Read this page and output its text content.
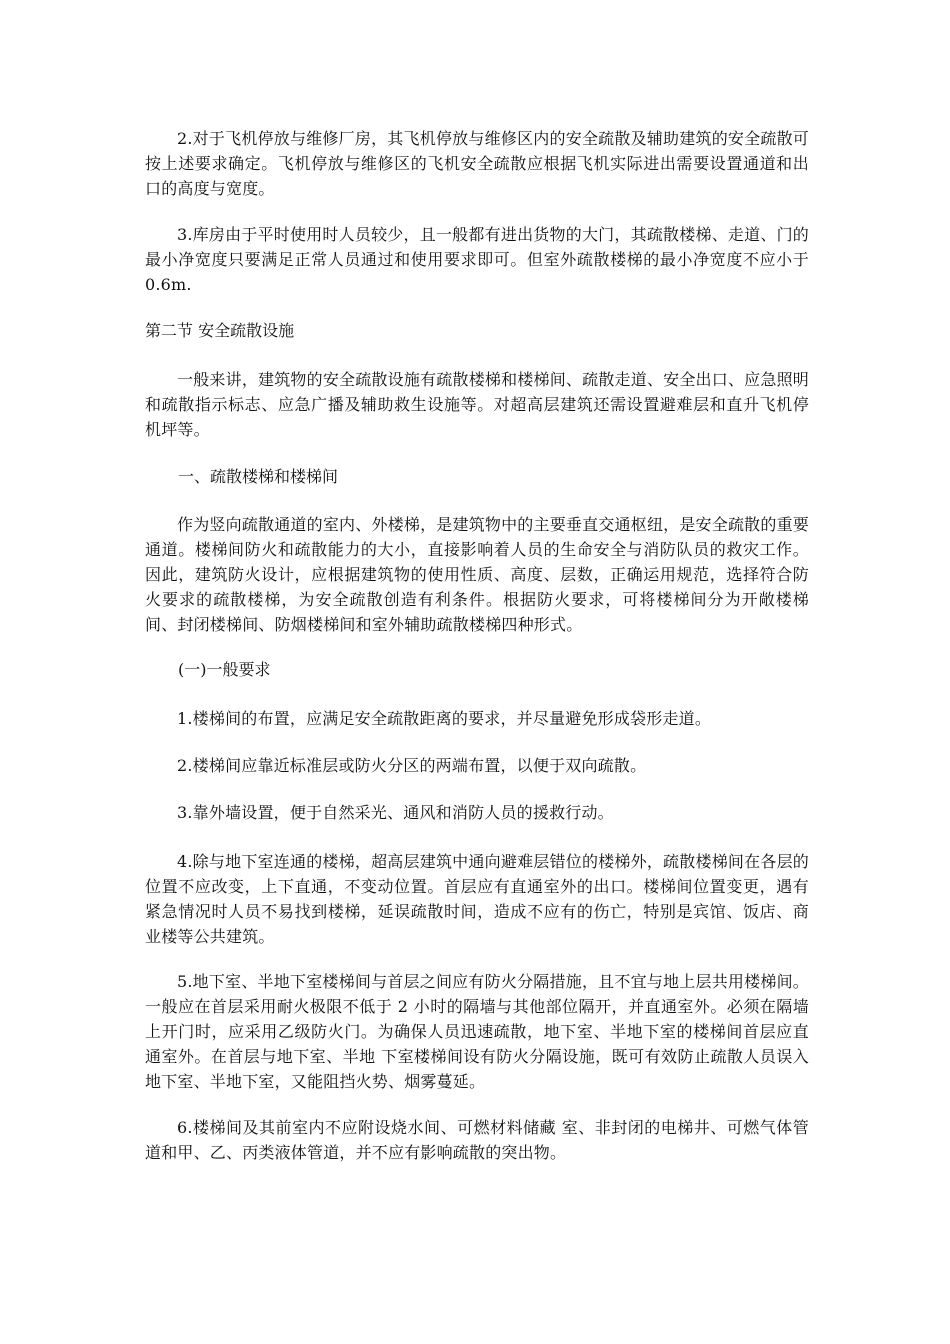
2.对于飞机停放与维修厂房，其飞机停放与维修区内的安全疏散及辅助建筑的安全疏散可按上述要求确定。飞机停放与维修区的飞机安全疏散应根据飞机实际进出需要设置通道和出口的高度与宽度。

3.库房由于平时使用时人员较少，且一般都有进出货物的大门，其疏散楼梯、走道、门的最小净宽度只要满足正常人员通过和使用要求即可。但室外疏散楼梯的最小净宽度不应小于 0.6m.

第二节 安全疏散设施

一般来讲，建筑物的安全疏散设施有疏散楼梯和楼梯间、疏散走道、安全出口、应急照明和疏散指示标志、应急广播及辅助救生设施等。对超高层建筑还需设置避难层和直升飞机停机坪等。

一、疏散楼梯和楼梯间

作为竖向疏散通道的室内、外楼梯，是建筑物中的主要垂直交通枢纽，是安全疏散的重要通道。楼梯间防火和疏散能力的大小，直接影响着人员的生命安全与消防队员的救灾工作。因此，建筑防火设计，应根据建筑物的使用性质、高度、层数，正确运用规范，选择符合防火要求的疏散楼梯，为安全疏散创造有利条件。根据防火要求，可将楼梯间分为开敞楼梯间、封闭楼梯间、防烟楼梯间和室外辅助疏散楼梯四种形式。

(一)一般要求

1.楼梯间的布置，应满足安全疏散距离的要求，并尽量避免形成袋形走道。

2.楼梯间应靠近标准层或防火分区的两端布置，以便于双向疏散。

3.靠外墙设置，便于自然采光、通风和消防人员的援救行动。

4.除与地下室连通的楼梯，超高层建筑中通向避难层错位的楼梯外，疏散楼梯间在各层的位置不应改变，上下直通，不变动位置。首层应有直通室外的出口。楼梯间位置变更，遇有紧急情况时人员不易找到楼梯，延误疏散时间，造成不应有的伤亡，特别是宾馆、饭店、商业楼等公共建筑。

5.地下室、半地下室楼梯间与首层之间应有防火分隔措施，且不宜与地上层共用楼梯间。一般应在首层采用耐火极限不低于 2 小时的隔墙与其他部位隔开，并直通室外。必须在隔墙上开门时，应采用乙级防火门。为确保人员迅速疏散，地下室、半地下室的楼梯间首层应直通室外。在首层与地下室、半地 下室楼梯间设有防火分隔设施，既可有效防止疏散人员误入地下室、半地下室，又能阻挡火势、烟雾蔓延。

6.楼梯间及其前室内不应附设烧水间、可燃材料储藏 室、非封闭的电梯井、可燃气体管道和甲、乙、丙类液体管道，并不应有影响疏散的突出物。
